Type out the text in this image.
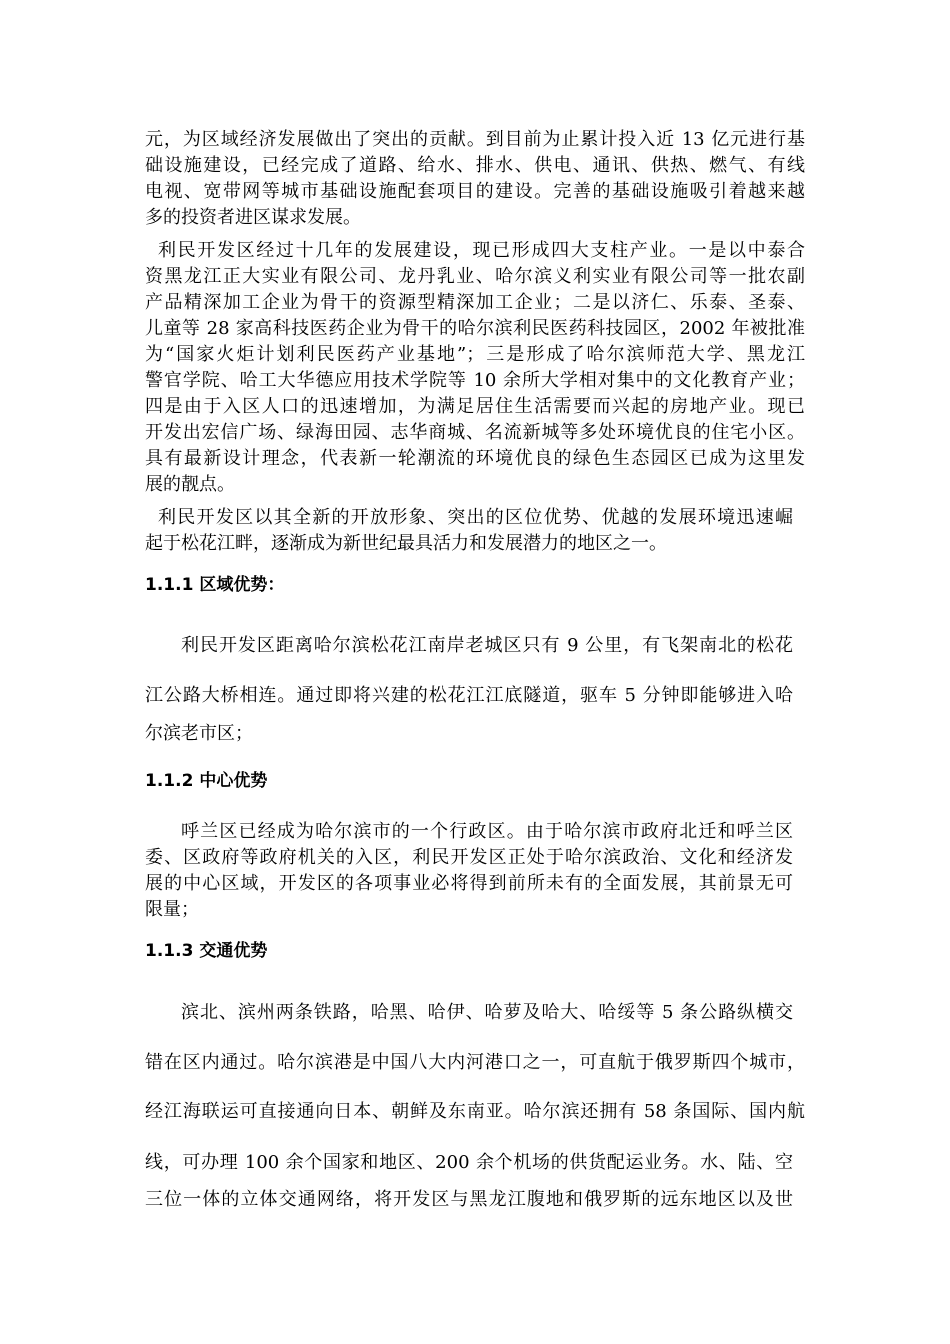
元，为区域经济发展做出了突出的贡献。到目前为止累计投入近 13 亿元进行基
础设施建设，已经完成了道路、给水、排水、供电、通讯、供热、燃气、有线
电视、宽带网等城市基础设施配套项目的建设。完善的基础设施吸引着越来越
多的投资者进区谋求发展。
利民开发区经过十几年的发展建设，现已形成四大支柱产业。一是以中泰合
资黑龙江正大实业有限公司、龙丹乳业、哈尔滨义利实业有限公司等一批农副
产品精深加工企业为骨干的资源型精深加工企业；二是以济仁、乐泰、圣泰、
儿童等 28 家高科技医药企业为骨干的哈尔滨利民医药科技园区，2002 年被批准
为“国家火炬计划利民医药产业基地”；三是形成了哈尔滨师范大学、黑龙江
警官学院、哈工大华德应用技术学院等 10 余所大学相对集中的文化教育产业；
四是由于入区人口的迅速增加，为满足居住生活需要而兴起的房地产业。现已
开发出宏信广场、绿海田园、志华商城、名流新城等多处环境优良的住宅小区。
具有最新设计理念，代表新一轮潮流的环境优良的绿色生态园区已成为这里发
展的靓点。
利民开发区以其全新的开放形象、突出的区位优势、优越的发展环境迅速崛
起于松花江畔，逐渐成为新世纪最具活力和发展潜力的地区之一。
1.1.1 区域优势：
利民开发区距离哈尔滨松花江南岸老城区只有 9 公里，有飞架南北的松花
江公路大桥相连。通过即将兴建的松花江江底隧道，驱车 5 分钟即能够进入哈
尔滨老市区；
1.1.2 中心优势
呼兰区已经成为哈尔滨市的一个行政区。由于哈尔滨市政府北迁和呼兰区
委、区政府等政府机关的入区，利民开发区正处于哈尔滨政治、文化和经济发
展的中心区域，开发区的各项事业必将得到前所未有的全面发展，其前景无可
限量；
1.1.3 交通优势
滨北、滨州两条铁路，哈黑、哈伊、哈萝及哈大、哈绥等 5 条公路纵横交
错在区内通过。哈尔滨港是中国八大内河港口之一，可直航于俄罗斯四个城市，
经江海联运可直接通向日本、朝鲜及东南亚。哈尔滨还拥有 58 条国际、国内航
线，可办理 100 余个国家和地区、200 余个机场的供货配运业务。水、陆、空
三位一体的立体交通网络，将开发区与黑龙江腹地和俄罗斯的远东地区以及世
